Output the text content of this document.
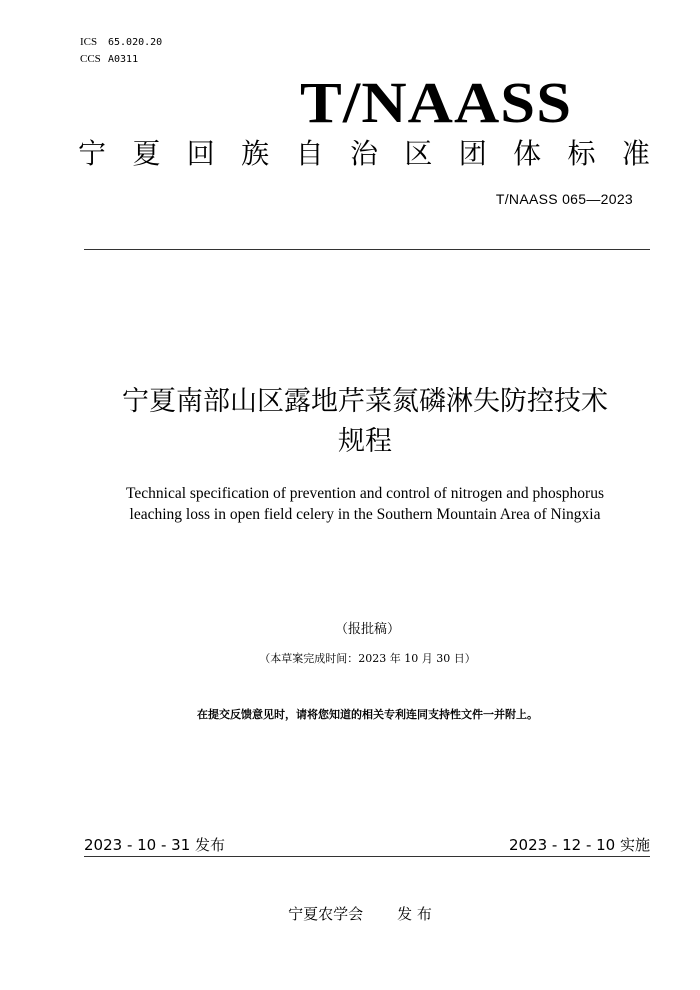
ICS 65.020.20
CCS A0311
T/NAASS
宁 夏 回 族 自 治 区 团 体 标 准
T/NAASS 065—2023
宁夏南部山区露地芹菜氮磷淋失防控技术
规程
Technical specification of prevention and control of nitrogen and phosphorus
leaching loss in open field celery in the Southern Mountain Area of Ningxia
（报批稿）
（本草案完成时间：2023 年 10 月 30 日）
在提交反馈意见时，请将您知道的相关专利连同支持性文件一并附上。
2023 - 10 - 31 发布	2023 - 12 - 10 实施
宁夏农学会 发 布
